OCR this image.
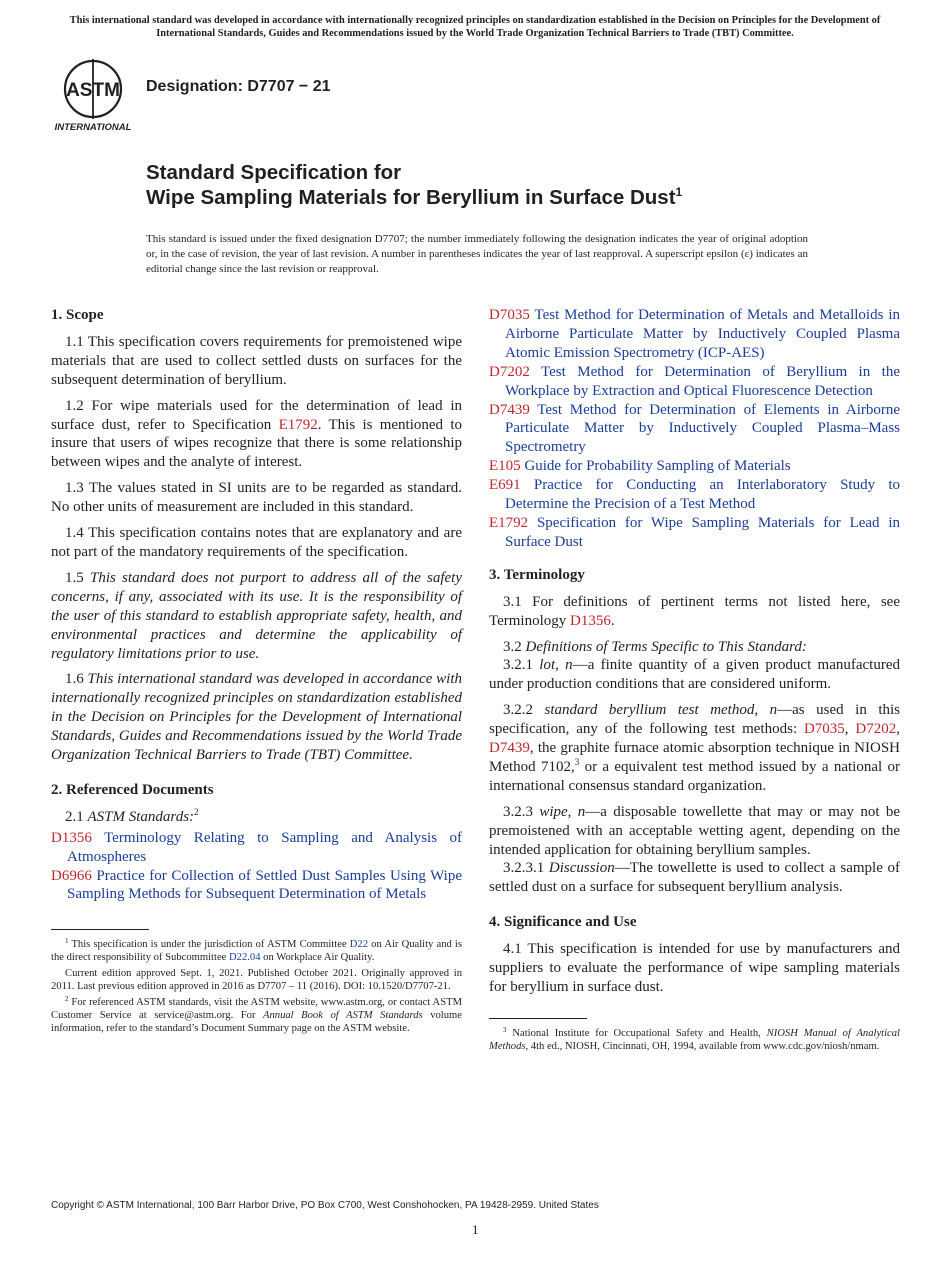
This international standard was developed in accordance with internationally recognized principles on standardization established in the Decision on Principles for the Development of International Standards, Guides and Recommendations issued by the World Trade Organization Technical Barriers to Trade (TBT) Committee.
ASTM
INTERNATIONAL
Designation: D7707 − 21
Standard Specification for
Wipe Sampling Materials for Beryllium in Surface Dust$^1$
This standard is issued under the fixed designation D7707; the number immediately following the designation indicates the year of original adoption or, in the case of revision, the year of last revision. A number in parentheses indicates the year of last reapproval. A superscript epsilon (ε) indicates an editorial change since the last revision or reapproval.
1. Scope
1.1 This specification covers requirements for premoistened wipe materials that are used to collect settled dusts on surfaces for the subsequent determination of beryllium.
1.2 For wipe materials used for the determination of lead in surface dust, refer to Specification E1792. This is mentioned to insure that users of wipes recognize that there is some relationship between wipes and the analyte of interest.
1.3 The values stated in SI units are to be regarded as standard. No other units of measurement are included in this standard.
1.4 This specification contains notes that are explanatory and are not part of the mandatory requirements of the specification.
1.5 This standard does not purport to address all of the safety concerns, if any, associated with its use. It is the responsibility of the user of this standard to establish appropriate safety, health, and environmental practices and determine the applicability of regulatory limitations prior to use.
1.6 This international standard was developed in accordance with internationally recognized principles on standardization established in the Decision on Principles for the Development of International Standards, Guides and Recommendations issued by the World Trade Organization Technical Barriers to Trade (TBT) Committee.
2. Referenced Documents
2.1 ASTM Standards:$^2$
D1356 Terminology Relating to Sampling and Analysis of Atmospheres
D6966 Practice for Collection of Settled Dust Samples Using Wipe Sampling Methods for Subsequent Determination of Metals
$^1$ This specification is under the jurisdiction of ASTM Committee D22 on Air Quality and is the direct responsibility of Subcommittee D22.04 on Workplace Air Quality.
Current edition approved Sept. 1, 2021. Published October 2021. Originally approved in 2011. Last previous edition approved in 2016 as D7707 – 11 (2016). DOI: 10.1520/D7707-21.
$^2$ For referenced ASTM standards, visit the ASTM website, www.astm.org, or contact ASTM Customer Service at service@astm.org. For Annual Book of ASTM Standards volume information, refer to the standard’s Document Summary page on the ASTM website.
D7035 Test Method for Determination of Metals and Metalloids in Airborne Particulate Matter by Inductively Coupled Plasma Atomic Emission Spectrometry (ICP-AES)
D7202 Test Method for Determination of Beryllium in the Workplace by Extraction and Optical Fluorescence Detection
D7439 Test Method for Determination of Elements in Airborne Particulate Matter by Inductively Coupled Plasma–Mass Spectrometry
E105 Guide for Probability Sampling of Materials
E691 Practice for Conducting an Interlaboratory Study to Determine the Precision of a Test Method
E1792 Specification for Wipe Sampling Materials for Lead in Surface Dust
3. Terminology
3.1 For definitions of pertinent terms not listed here, see Terminology D1356.
3.2 Definitions of Terms Specific to This Standard:
3.2.1 lot, n—a finite quantity of a given product manufactured under production conditions that are considered uniform.
3.2.2 standard beryllium test method, n—as used in this specification, any of the following test methods: D7035, D7202, D7439, the graphite furnace atomic absorption technique in NIOSH Method 7102,$^3$ or a equivalent test method issued by a national or international consensus standard organization.
3.2.3 wipe, n—a disposable towellette that may or may not be premoistened with an acceptable wetting agent, depending on the intended application for obtaining beryllium samples.
3.2.3.1 Discussion—The towellette is used to collect a sample of settled dust on a surface for subsequent beryllium analysis.
4. Significance and Use
4.1 This specification is intended for use by manufacturers and suppliers to evaluate the performance of wipe sampling materials for beryllium in surface dust.
$^3$ National Institute for Occupational Safety and Health, NIOSH Manual of Analytical Methods, 4th ed., NIOSH, Cincinnati, OH, 1994, available from www.cdc.gov/niosh/nmam.
Copyright © ASTM International, 100 Barr Harbor Drive, PO Box C700, West Conshohocken, PA 19428-2959. United States
1
